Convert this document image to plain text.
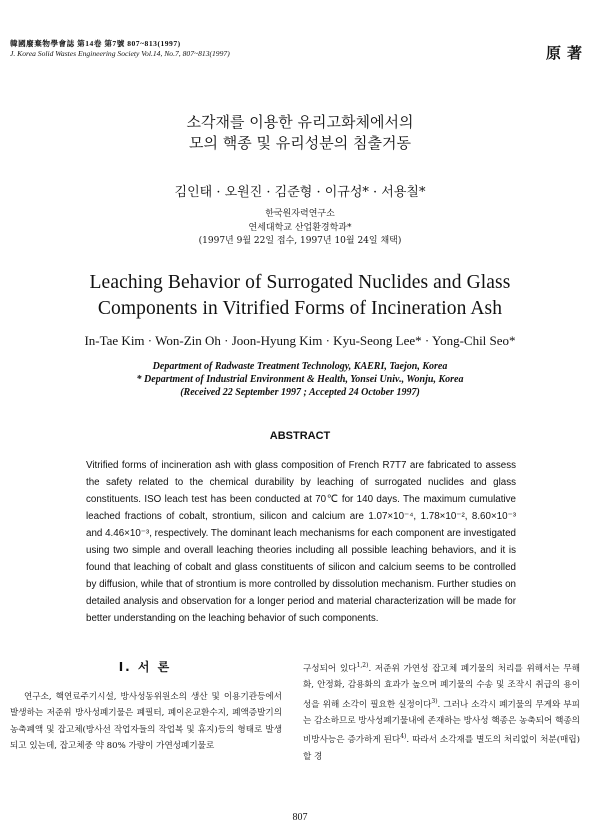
韓國廢棄物學會誌 第14卷 第7號 807~813(1997)
J. Korea Solid Wastes Engineering Society Vol.14, No.7, 807~813(1997)	原著
소각재를 이용한 유리고화체에서의
모의 핵종 및 유리성분의 침출거동
김인태 · 오원진 · 김준형 · 이규성* · 서용칠*
한국원자력연구소
연세대학교 산업환경학과*
(1997년 9월 22일 접수, 1997년 10월 24일 채택)
Leaching Behavior of Surrogated Nuclides and Glass
Components in Vitrified Forms of Incineration Ash
In-Tae Kim · Won-Zin Oh · Joon-Hyung Kim · Kyu-Seong Lee* · Yong-Chil Seo*
Department of Radwaste Treatment Technology, KAERI, Taejon, Korea
* Department of Industrial Environment & Health, Yonsei Univ., Wonju, Korea
(Received 22 September 1997 ; Accepted 24 October 1997)
ABSTRACT
Vitrified forms of incineration ash with glass composition of French R7T7 are fabricated to assess the safety related to the chemical durability by leaching of surrogated nuclides and glass constituents. ISO leach test has been conducted at 70℃ for 140 days. The maximum cumulative leached fractions of cobalt, strontium, silicon and calcium are 1.07×10⁻⁴, 1.78×10⁻², 8.60×10⁻³ and 4.46×10⁻³, respectively. The dominant leach mechanisms for each component are investigated using two simple and overall leaching theories including all possible leaching behaviors, and it is found that leaching of cobalt and glass constituents of silicon and calcium seems to be controlled by diffusion, while that of strontium is more controlled by dissolution mechanism. Further studies on detailed analysis and observation for a longer period and material characterization will be made for better understanding on the leaching behavior of such components.
Ⅰ. 서 론
연구소, 핵연료주기시설, 방사성동위원소의 생산 및 이용기관등에서 발생하는 저준위 방사성폐기물은 폐필터, 폐이온교환수지, 폐액증발기의 농축폐액 및 잡고체(방사선 작업자들의 작업복 및 휴지)등의 형태로 발생되고 있는데, 잡고체중 약 80% 가량이 가연성폐기물로
구성되어 있다$^{1,2)}$. 저준위 가연성 잡고체 폐기물의 처리를 위해서는 무해화, 안정화, 감용화의 효과가 높으며 폐기물의 수송 및 조작시 취급의 용이성을 위해 소각이 필요한 실정이다$^{3)}$. 그러나 소각시 폐기물의 무게와 부피는 감소하므로 방사성폐기물내에 존재하는 방사성 핵종은 농축되어 핵종의 비방사능은 증가하게 된다$^{4)}$. 따라서 소각재를 별도의 처리없이 처분(매립)할 경
807
